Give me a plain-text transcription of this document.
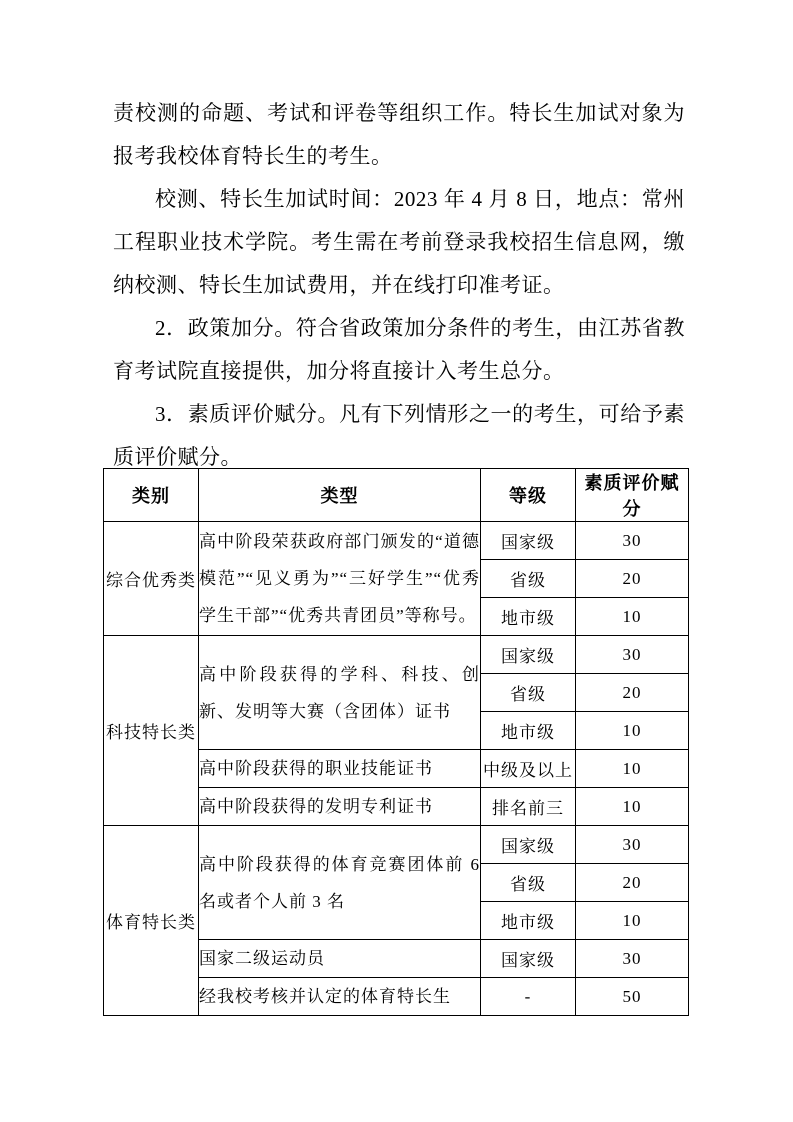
责校测的命题、考试和评卷等组织工作。特长生加试对象为报考我校体育特长生的考生。

校测、特长生加试时间：2023 年 4 月 8 日，地点：常州工程职业技术学院。考生需在考前登录我校招生信息网，缴纳校测、特长生加试费用，并在线打印准考证。

2．政策加分。符合省政策加分条件的考生，由江苏省教育考试院直接提供，加分将直接计入考生总分。

3．素质评价赋分。凡有下列情形之一的考生，可给予素质评价赋分。

类别	类型	等级	素质评价赋分
综合优秀类	高中阶段荣获政府部门颁发的“道德模范”“见义勇为”“三好学生”“优秀学生干部”“优秀共青团员”等称号。	国家级	30
		省级	20
		地市级	10
科技特长类	高中阶段获得的学科、科技、创新、发明等大赛（含团体）证书	国家级	30
		省级	20
		地市级	10
	高中阶段获得的职业技能证书	中级及以上	10
	高中阶段获得的发明专利证书	排名前三	10
体育特长类	高中阶段获得的体育竞赛团体前 6 名或者个人前 3 名	国家级	30
		省级	20
		地市级	10
	国家二级运动员	国家级	30
	经我校考核并认定的体育特长生	-	50
